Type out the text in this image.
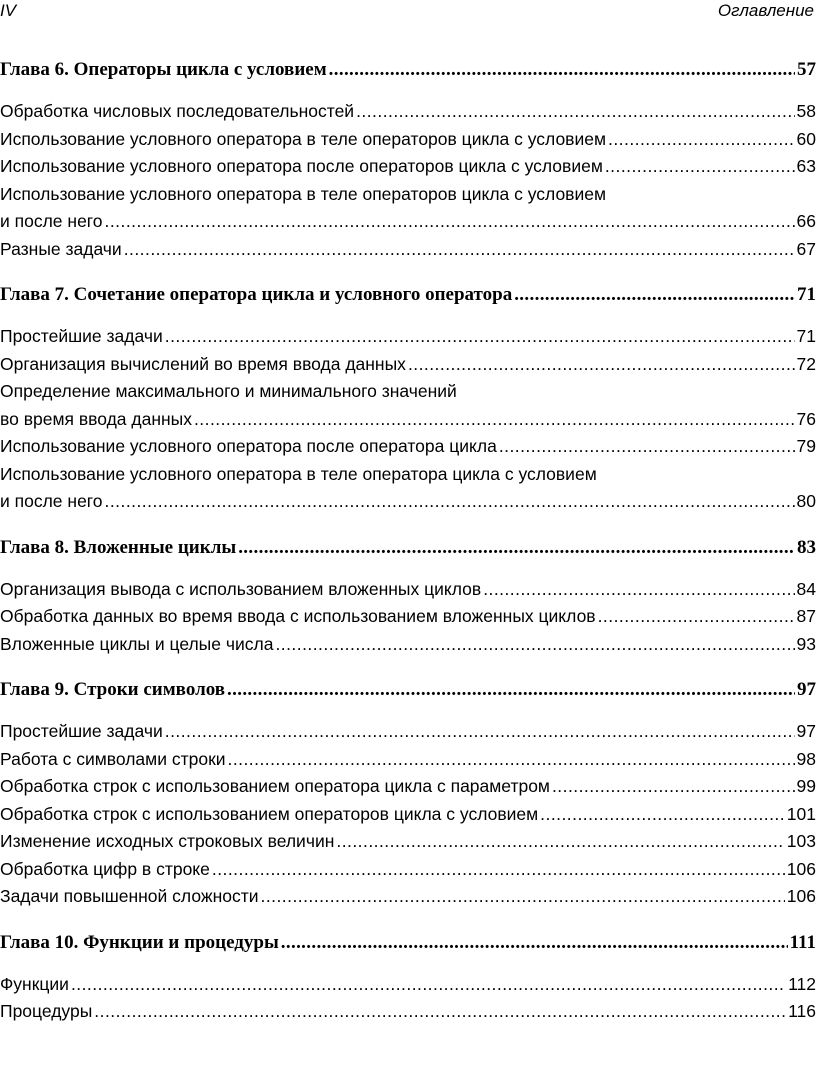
IV	Оглавление
Глава 6. Операторы цикла с условием . . .	57
Обработка числовых последовательностей . . .	58
Использование условного оператора в теле операторов цикла с условием . . .	60
Использование условного оператора после операторов цикла с условием . . .	63
Использование условного оператора в теле операторов цикла с условием
и после него . . .	66
Разные задачи . . .	67
Глава 7. Сочетание оператора цикла и условного оператора . . .	71
Простейшие задачи . . .	71
Организация вычислений во время ввода данных . . .	72
Определение максимального и минимального значений
во время ввода данных . . .	76
Использование условного оператора после оператора цикла . . .	79
Использование условного оператора в теле оператора цикла с условием
и после него . . .	80
Глава 8. Вложенные циклы . . .	83
Организация вывода с использованием вложенных циклов . . .	84
Обработка данных во время ввода с использованием вложенных циклов . . .	87
Вложенные циклы и целые числа . . .	93
Глава 9. Строки символов . . .	97
Простейшие задачи . . .	97
Работа с символами строки . . .	98
Обработка строк с использованием оператора цикла с параметром . . .	99
Обработка строк с использованием операторов цикла с условием . . .	101
Изменение исходных строковых величин . . .	103
Обработка цифр в строке . . .	106
Задачи повышенной сложности . . .	106
Глава 10. Функции и процедуры . . .	111
Функции . . .	112
Процедуры . . .	116
